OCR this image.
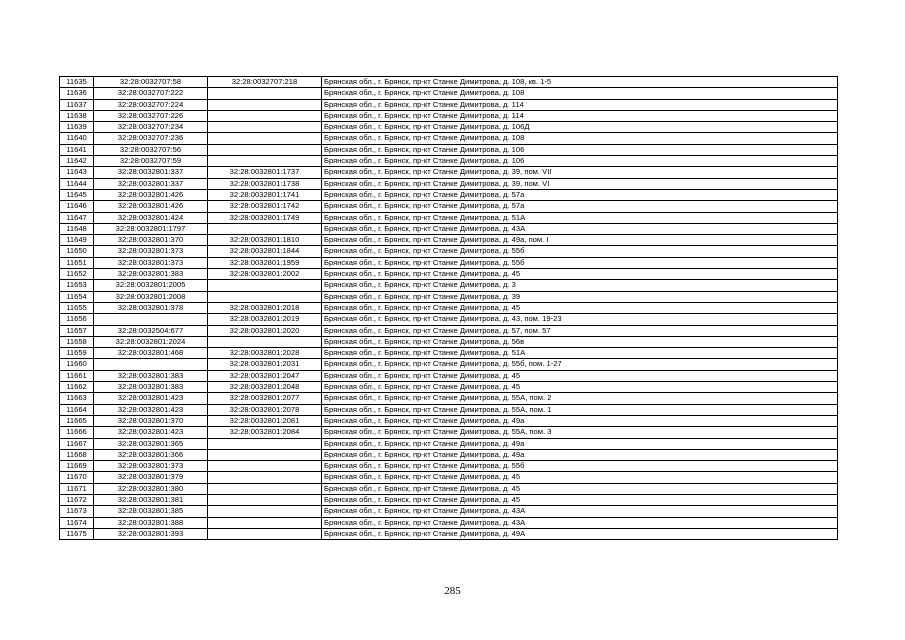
11635	32:28:0032707:58	32:28:0032707:218	Брянская обл., г. Брянск, пр-кт Станке Димитрова, д. 108, кв. 1-5
11636	32:28:0032707:222		Брянская обл., г. Брянск, пр-кт Станке Димитрова, д. 108
11637	32:28:0032707:224		Брянская обл., г. Брянск, пр-кт Станке Димитрова, д. 114
11638	32:28:0032707:226		Брянская обл., г. Брянск, пр-кт Станке Димитрова, д. 114
11639	32:28:0032707:234		Брянская обл., г. Брянск, пр-кт Станке Димитрова, д. 106Д
11640	32:28:0032707:236		Брянская обл., г. Брянск, пр-кт Станке Димитрова, д. 108
11641	32:28:0032707:56		Брянская обл., г. Брянск, пр-кт Станке Димитрова, д. 106
11642	32:28:0032707:59		Брянская обл., г. Брянск, пр-кт Станке Димитрова, д. 106
11643	32:28:0032801:337	32:28:0032801:1737	Брянская обл., г. Брянск, пр-кт Станке Димитрова, д. 39, пом. VII
11644	32:28:0032801:337	32:28:0032801:1738	Брянская обл., г. Брянск, пр-кт Станке Димитрова, д. 39, пом. VI
11645	32:28:0032801:426	32:28:0032801:1741	Брянская обл., г. Брянск, пр-кт Станке Димитрова, д. 57а
11646	32:28:0032801:426	32:28:0032801:1742	Брянская обл., г. Брянск, пр-кт Станке Димитрова, д. 57а
11647	32:28:0032801:424	32:28:0032801:1749	Брянская обл., г. Брянск, пр-кт Станке Димитрова, д. 51А
11648	32:28:0032801:1797		Брянская обл., г. Брянск, пр-кт Станке Димитрова, д. 43А
11649	32:28:0032801:370	32:28:0032801:1810	Брянская обл., г. Брянск, пр-кт Станке Димитрова, д. 49а, пом. I
11650	32:28:0032801:373	32:28:0032801:1844	Брянская обл., г. Брянск, пр-кт Станке Димитрова, д. 55б
11651	32:28:0032801:373	32:28:0032801:1959	Брянская обл., г. Брянск, пр-кт Станке Димитрова, д. 55б
11652	32:28:0032801:383	32:28:0032801:2002	Брянская обл., г. Брянск, пр-кт Станке Димитрова, д. 45
11653	32:28:0032801:2005		Брянская обл., г. Брянск, пр-кт Станке Димитрова, д. 3
11654	32:28:0032801:2008		Брянская обл., г. Брянск, пр-кт Станке Димитрова, д. 39
11655	32:28:0032801:378	32:28:0032801:2018	Брянская обл., г. Брянск, пр-кт Станке Димитрова, д. 45
11656		32:28:0032801:2019	Брянская обл., г. Брянск, пр-кт Станке Димитрова, д. 43, пом. 19-23
11657	32:28:0032504:677	32:28:0032801:2020	Брянская обл., г. Брянск, пр-кт Станке Димитрова, д. 57, пом. 57
11658	32:28:0032801:2024		Брянская обл., г. Брянск, пр-кт Станке Димитрова, д. 56в
11659	32:28:0032801:468	32:28:0032801:2028	Брянская обл., г. Брянск, пр-кт Станке Димитрова, д. 51А
11660		32:28:0032801:2031	Брянская обл., г. Брянск, пр-кт Станке Димитрова, д. 55б, пом. 1-27
11661	32:28:0032801:383	32:28:0032801:2047	Брянская обл., г. Брянск, пр-кт Станке Димитрова, д. 45
11662	32:28:0032801:383	32:28:0032801:2048	Брянская обл., г. Брянск, пр-кт Станке Димитрова, д. 45
11663	32:28:0032801:423	32:28:0032801:2077	Брянская обл., г. Брянск, пр-кт Станке Димитрова, д. 55А, пом. 2
11664	32:28:0032801:423	32:28:0032801:2078	Брянская обл., г. Брянск, пр-кт Станке Димитрова, д. 55А, пом. 1
11665	32:28:0032801:370	32:28:0032801:2081	Брянская обл., г. Брянск, пр-кт Станке Димитрова, д. 49а
11666	32:28:0032801:423	32:28:0032801:2084	Брянская обл., г. Брянск, пр-кт Станке Димитрова, д. 55А, пом. 3
11667	32:28:0032801:365		Брянская обл., г. Брянск, пр-кт Станке Димитрова, д. 49а
11668	32:28:0032801:366		Брянская обл., г. Брянск, пр-кт Станке Димитрова, д. 49а
11669	32:28:0032801:373		Брянская обл., г. Брянск, пр-кт Станке Димитрова, д. 55б
11670	32:28:0032801:379		Брянская обл., г. Брянск, пр-кт Станке Димитрова, д. 45
11671	32:28:0032801:380		Брянская обл., г. Брянск, пр-кт Станке Димитрова, д. 45
11672	32:28:0032801:381		Брянская обл., г. Брянск, пр-кт Станке Димитрова, д. 45
11673	32:28:0032801:385		Брянская обл., г. Брянск, пр-кт Станке Димитрова, д. 43А
11674	32:28:0032801:388		Брянская обл., г. Брянск, пр-кт Станке Димитрова, д. 43А
11675	32:28:0032801:393		Брянская обл., г. Брянск, пр-кт Станке Димитрова, д. 49А
285
